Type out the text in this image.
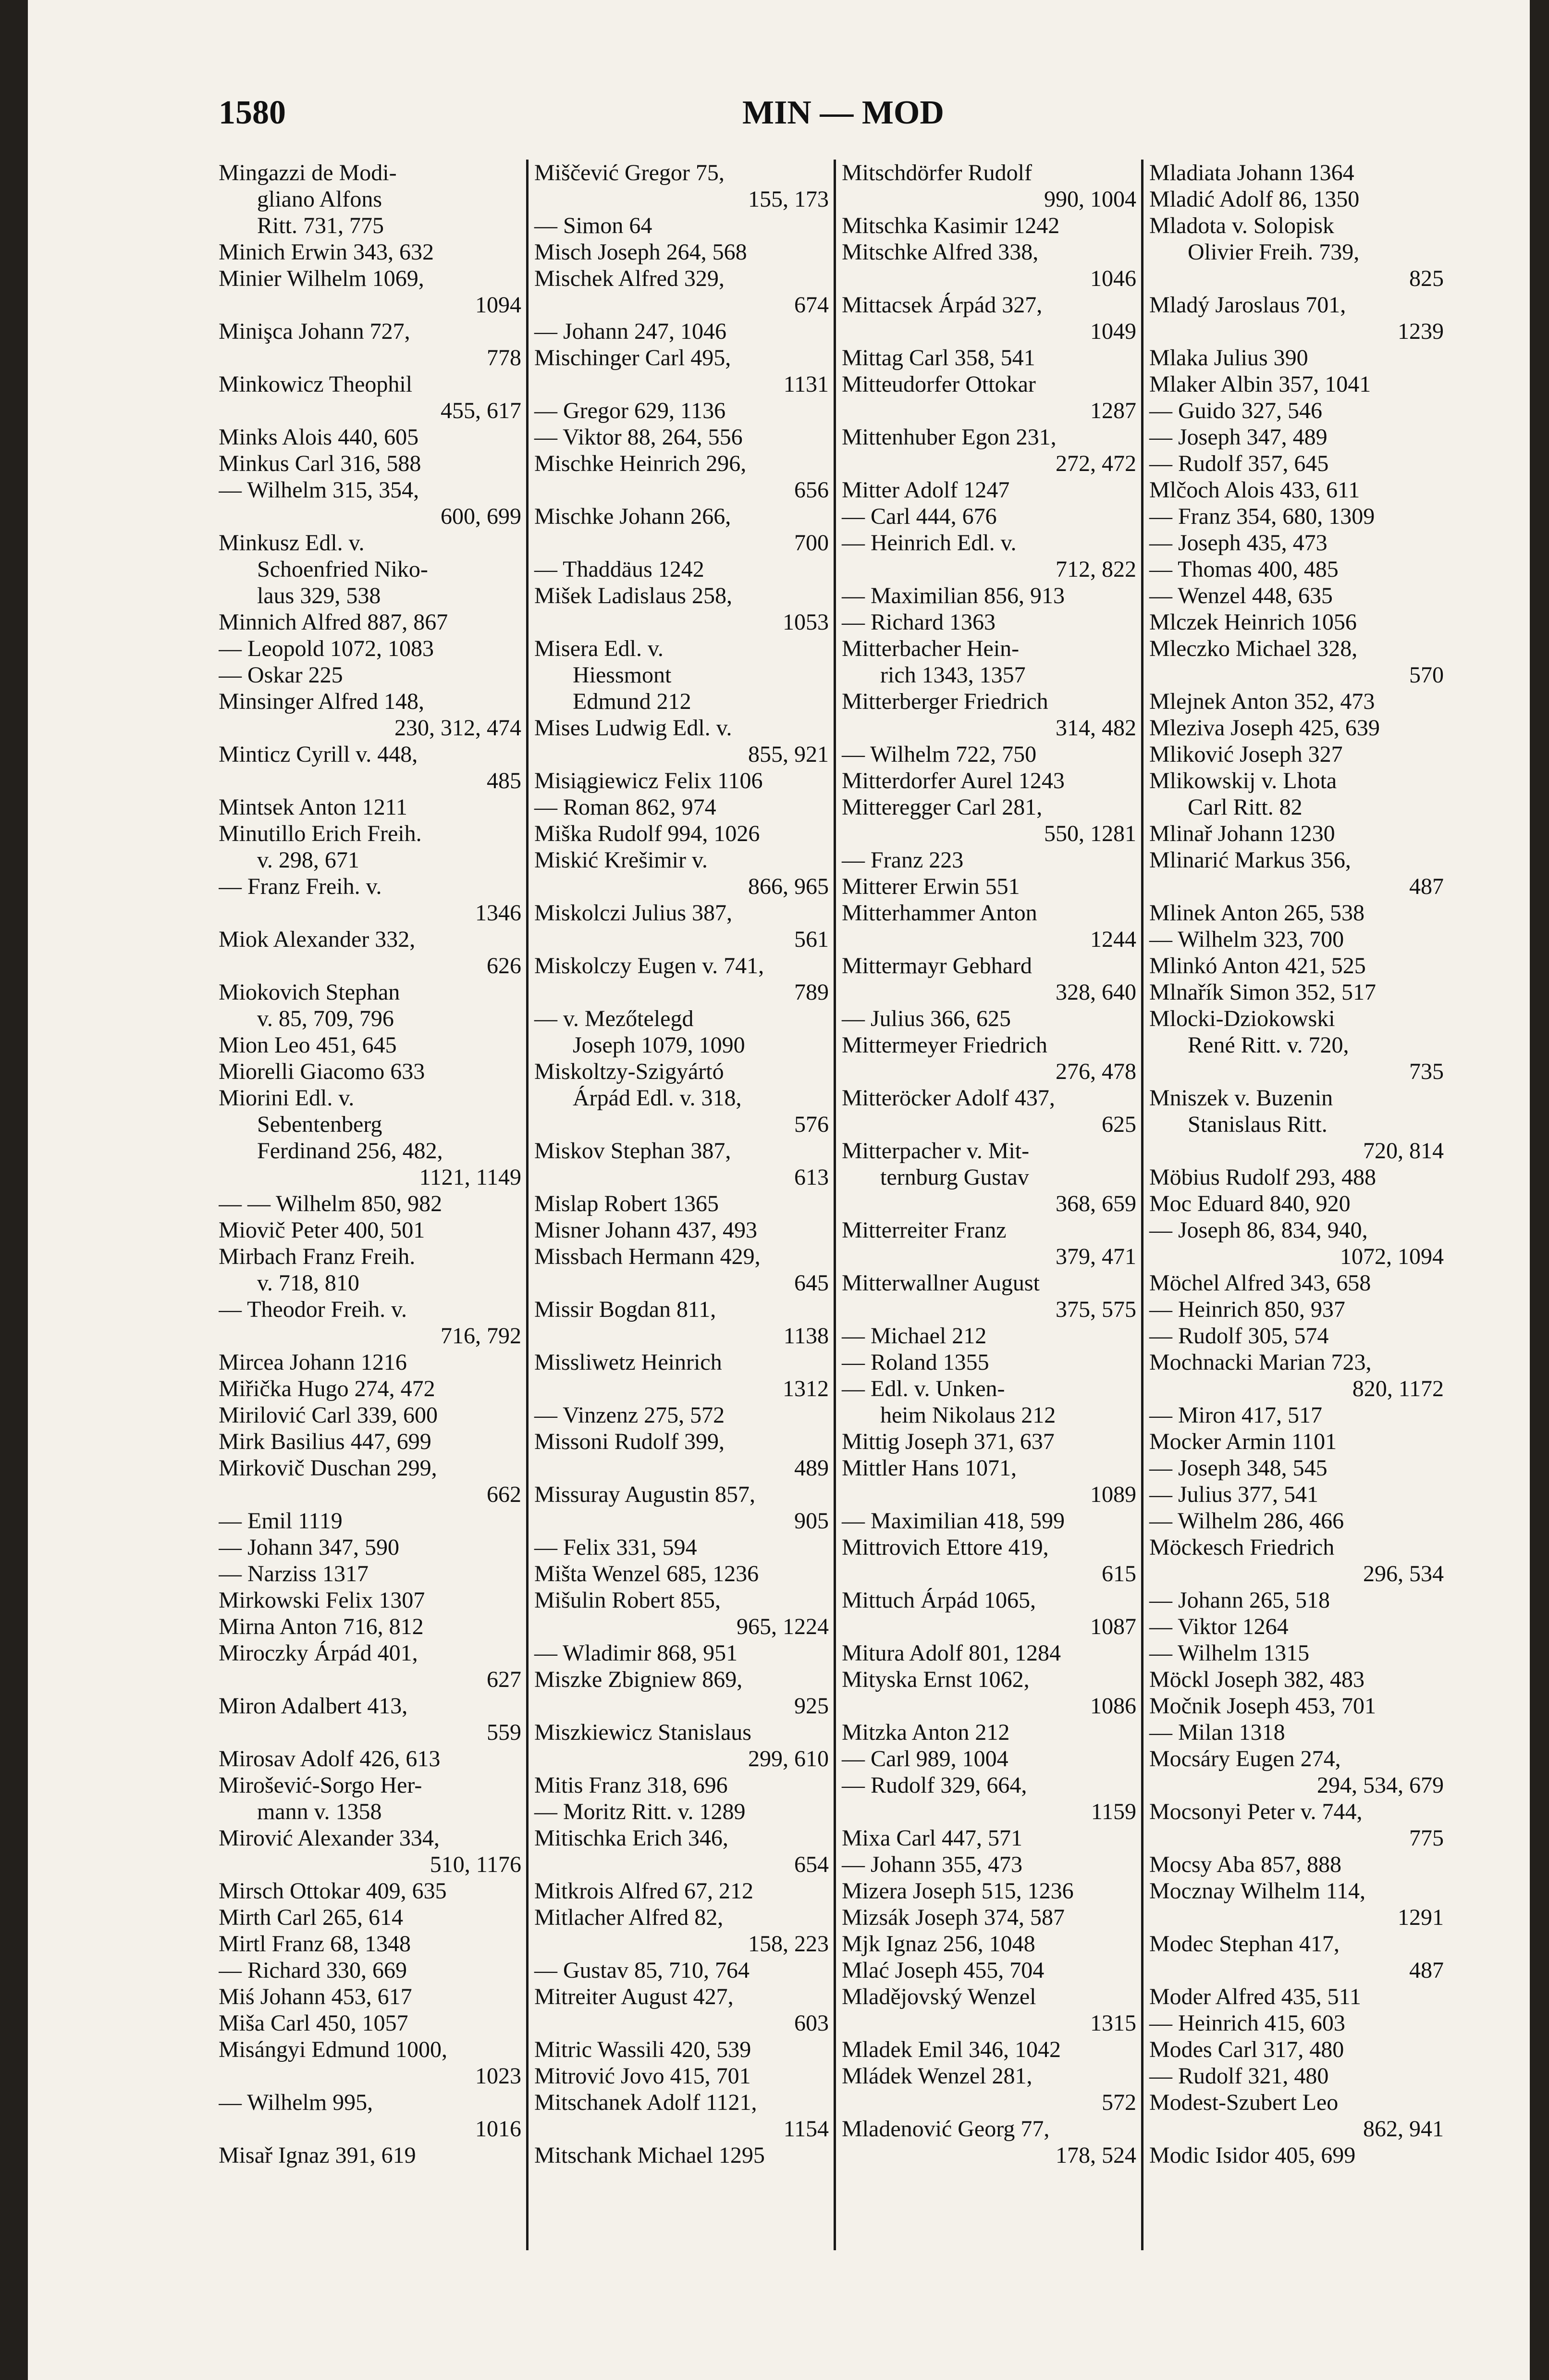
1580	MIN — MOD
Mingazzi de Modi-
gliano Alfons
Ritt. 731, 775
Minich Erwin 343, 632
Minier Wilhelm 1069,
1094
Minişca Johann 727,
778
Minkowicz Theophil
455, 617
Minks Alois 440, 605
Minkus Carl 316, 588
— Wilhelm 315, 354,
600, 699
Minkusz Edl. v.
Schoenfried Niko-
laus 329, 538
Minnich Alfred 887, 867
— Leopold 1072, 1083
— Oskar 225
Minsinger Alfred 148,
230, 312, 474
Minticz Cyrill v. 448,
485
Mintsek Anton 1211
Minutillo Erich Freih.
v. 298, 671
— Franz Freih. v.
1346
Miok Alexander 332,
626
Miokovich Stephan
v. 85, 709, 796
Mion Leo 451, 645
Miorelli Giacomo 633
Miorini Edl. v.
Sebentenberg
Ferdinand 256, 482,
1121, 1149
— — Wilhelm 850, 982
Miovič Peter 400, 501
Mirbach Franz Freih.
v. 718, 810
— Theodor Freih. v.
716, 792
Mircea Johann 1216
Miřička Hugo 274, 472
Mirilović Carl 339, 600
Mirk Basilius 447, 699
Mirkovič Duschan 299,
662
— Emil 1119
— Johann 347, 590
— Narziss 1317
Mirkowski Felix 1307
Mirna Anton 716, 812
Miroczky Árpád 401,
627
Miron Adalbert 413,
559
Mirosav Adolf 426, 613
Mirošević-Sorgo Her-
mann v. 1358
Mirović Alexander 334,
510, 1176
Mirsch Ottokar 409, 635
Mirth Carl 265, 614
Mirtl Franz 68, 1348
— Richard 330, 669
Miś Johann 453, 617
Miša Carl 450, 1057
Misángyi Edmund 1000,
1023
— Wilhelm 995,
1016
Misař Ignaz 391, 619
Miščević Gregor 75,
155, 173
— Simon 64
Misch Joseph 264, 568
Mischek Alfred 329,
674
— Johann 247, 1046
Mischinger Carl 495,
1131
— Gregor 629, 1136
— Viktor 88, 264, 556
Mischke Heinrich 296,
656
Mischke Johann 266,
700
— Thaddäus 1242
Mišek Ladislaus 258,
1053
Misera Edl. v.
Hiessmont
Edmund 212
Mises Ludwig Edl. v.
855, 921
Misiągiewicz Felix 1106
— Roman 862, 974
Miška Rudolf 994, 1026
Miskić Krešimir v.
866, 965
Miskolczi Julius 387,
561
Miskolczy Eugen v. 741,
789
— v. Mezőtelegd
Joseph 1079, 1090
Miskoltzy-Szigyártó
Árpád Edl. v. 318,
576
Miskov Stephan 387,
613
Mislap Robert 1365
Misner Johann 437, 493
Missbach Hermann 429,
645
Missir Bogdan 811,
1138
Missliwetz Heinrich
1312
— Vinzenz 275, 572
Missoni Rudolf 399,
489
Missuray Augustin 857,
905
— Felix 331, 594
Mišta Wenzel 685, 1236
Mišulin Robert 855,
965, 1224
— Wladimir 868, 951
Miszke Zbigniew 869,
925
Miszkiewicz Stanislaus
299, 610
Mitis Franz 318, 696
— Moritz Ritt. v. 1289
Mitischka Erich 346,
654
Mitkrois Alfred 67, 212
Mitlacher Alfred 82,
158, 223
— Gustav 85, 710, 764
Mitreiter August 427,
603
Mitric Wassili 420, 539
Mitrović Jovo 415, 701
Mitschanek Adolf 1121,
1154
Mitschank Michael 1295
Mitschdörfer Rudolf
990, 1004
Mitschka Kasimir 1242
Mitschke Alfred 338,
1046
Mittacsek Árpád 327,
1049
Mittag Carl 358, 541
Mitteudorfer Ottokar
1287
Mittenhuber Egon 231,
272, 472
Mitter Adolf 1247
— Carl 444, 676
— Heinrich Edl. v.
712, 822
— Maximilian 856, 913
— Richard 1363
Mitterbacher Hein-
rich 1343, 1357
Mitterberger Friedrich
314, 482
— Wilhelm 722, 750
Mitterdorfer Aurel 1243
Mitteregger Carl 281,
550, 1281
— Franz 223
Mitterer Erwin 551
Mitterhammer Anton
1244
Mittermayr Gebhard
328, 640
— Julius 366, 625
Mittermeyer Friedrich
276, 478
Mitteröcker Adolf 437,
625
Mitterpacher v. Mit-
ternburg Gustav
368, 659
Mitterreiter Franz
379, 471
Mitterwallner August
375, 575
— Michael 212
— Roland 1355
— Edl. v. Unken-
heim Nikolaus 212
Mittig Joseph 371, 637
Mittler Hans 1071,
1089
— Maximilian 418, 599
Mittrovich Ettore 419,
615
Mittuch Árpád 1065,
1087
Mitura Adolf 801, 1284
Mityska Ernst 1062,
1086
Mitzka Anton 212
— Carl 989, 1004
— Rudolf 329, 664,
1159
Mixa Carl 447, 571
— Johann 355, 473
Mizera Joseph 515, 1236
Mizsák Joseph 374, 587
Mjk Ignaz 256, 1048
Mlać Joseph 455, 704
Mladějovský Wenzel
1315
Mladek Emil 346, 1042
Mládek Wenzel 281,
572
Mladenović Georg 77,
178, 524
Mladiata Johann 1364
Mladić Adolf 86, 1350
Mladota v. Solopisk
Olivier Freih. 739,
825
Mladý Jaroslaus 701,
1239
Mlaka Julius 390
Mlaker Albin 357, 1041
— Guido 327, 546
— Joseph 347, 489
— Rudolf 357, 645
Mlčoch Alois 433, 611
— Franz 354, 680, 1309
— Joseph 435, 473
— Thomas 400, 485
— Wenzel 448, 635
Mlczek Heinrich 1056
Mleczko Michael 328,
570
Mlejnek Anton 352, 473
Mleziva Joseph 425, 639
Mliković Joseph 327
Mlikowskij v. Lhota
Carl Ritt. 82
Mlinař Johann 1230
Mlinarić Markus 356,
487
Mlinek Anton 265, 538
— Wilhelm 323, 700
Mlinkó Anton 421, 525
Mlnařík Simon 352, 517
Mlocki-Dziokowski
René Ritt. v. 720,
735
Mniszek v. Buzenin
Stanislaus Ritt.
720, 814
Möbius Rudolf 293, 488
Moc Eduard 840, 920
— Joseph 86, 834, 940,
1072, 1094
Möchel Alfred 343, 658
— Heinrich 850, 937
— Rudolf 305, 574
Mochnacki Marian 723,
820, 1172
— Miron 417, 517
Mocker Armin 1101
— Joseph 348, 545
— Julius 377, 541
— Wilhelm 286, 466
Möckesch Friedrich
296, 534
— Johann 265, 518
— Viktor 1264
— Wilhelm 1315
Möckl Joseph 382, 483
Močnik Joseph 453, 701
— Milan 1318
Mocsáry Eugen 274,
294, 534, 679
Mocsonyi Peter v. 744,
775
Mocsy Aba 857, 888
Mocznay Wilhelm 114,
1291
Modec Stephan 417,
487
Moder Alfred 435, 511
— Heinrich 415, 603
Modes Carl 317, 480
— Rudolf 321, 480
Modest-Szubert Leo
862, 941
Modic Isidor 405, 699
